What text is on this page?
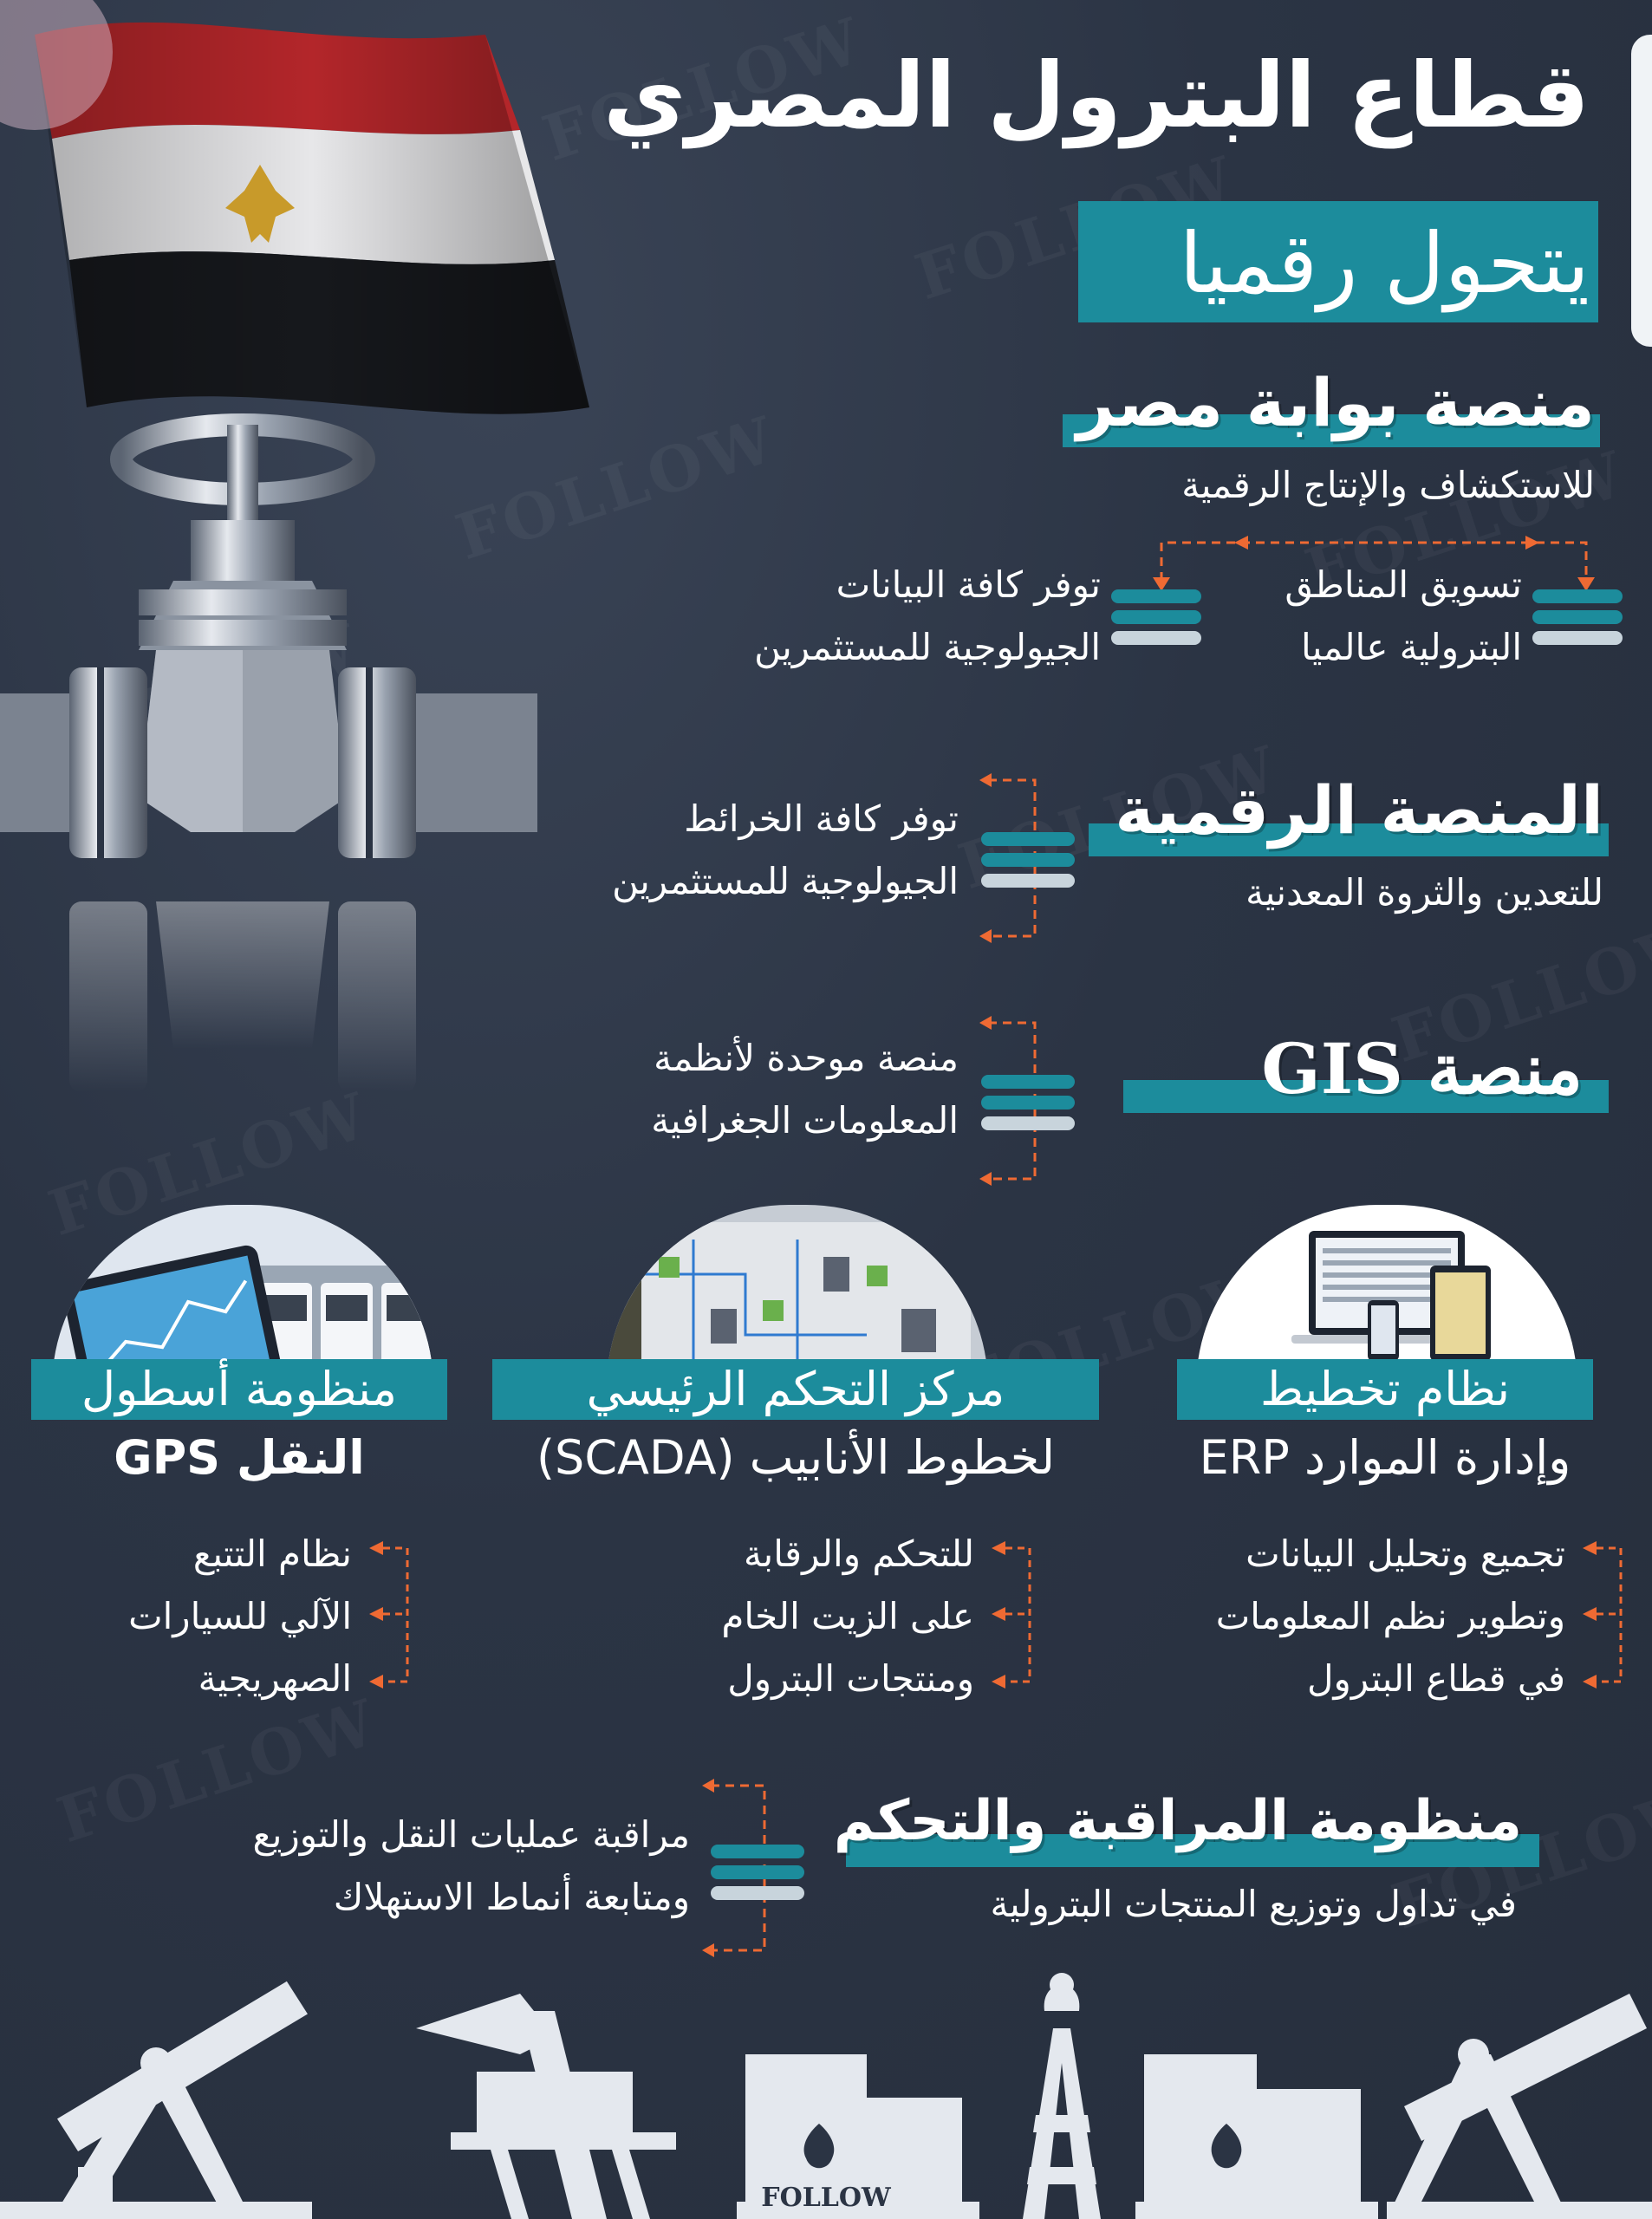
قطاع البترول المصري
يتحول رقميا
منصة بوابة مصر
للاستكشاف والإنتاج الرقمية
تسويق المناطق
البترولية عالميا
توفر كافة البيانات
الجيولوجية للمستثمرين
المنصة الرقمية
للتعدين والثروة المعدنية
توفر كافة الخرائط
الجيولوجية للمستثمرين
منصة GIS
منصة موحدة لأنظمة
المعلومات الجغرافية
منظومة أسطول
النقل GPS
مركز التحكم الرئيسي
لخطوط الأنابيب (SCADA)
نظام تخطيط
وإدارة الموارد ERP
نظام التتبع
الآلي للسيارات
الصهريجية
للتحكم والرقابة
على الزيت الخام
ومنتجات البترول
تجميع وتحليل البيانات
وتطوير نظم المعلومات
في قطاع البترول
منظومة المراقبة والتحكم
في تداول وتوزيع المنتجات البترولية
مراقبة عمليات النقل والتوزيع
ومتابعة أنماط الاستهلاك
FOLLOW
